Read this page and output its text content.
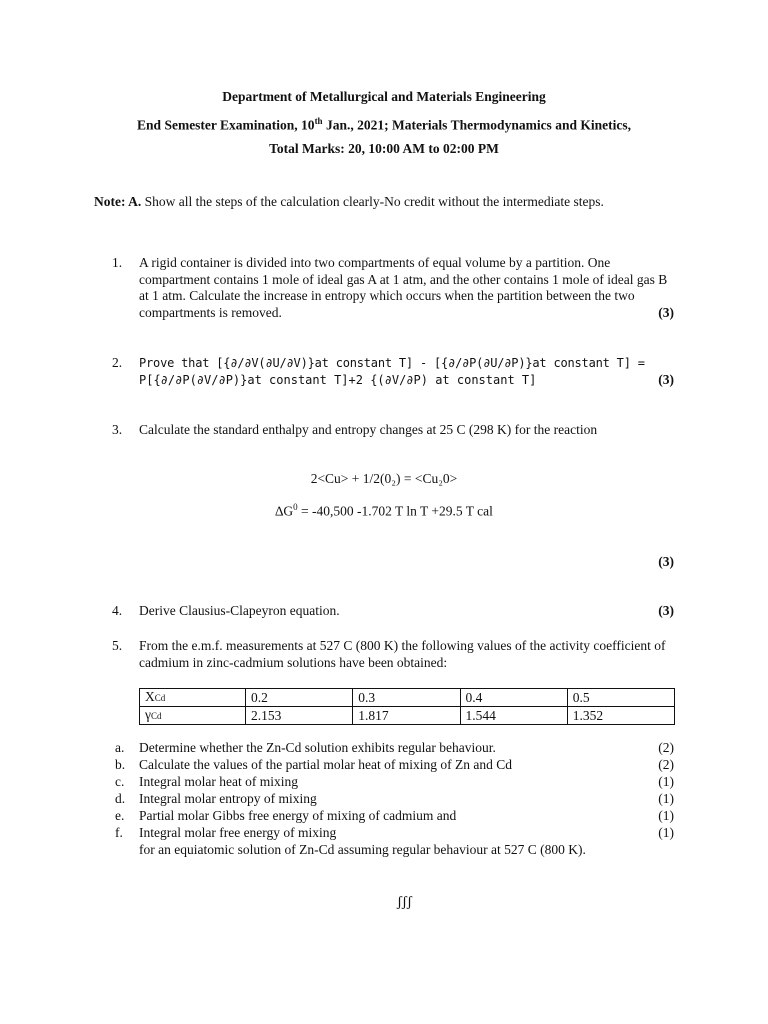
Department of Metallurgical and Materials Engineering
End Semester Examination, 10th Jan., 2021; Materials Thermodynamics and Kinetics,
Total Marks: 20, 10:00 AM to 02:00 PM
Note: A. Show all the steps of the calculation clearly-No credit without the intermediate steps.
1. A rigid container is divided into two compartments of equal volume by a partition. One compartment contains 1 mole of ideal gas A at 1 atm, and the other contains 1 mole of ideal gas B at 1 atm. Calculate the increase in entropy which occurs when the partition between the two compartments is removed.	(3)
2. Prove that [{∂/∂V(∂U/∂V)}at constant T] - [{∂/∂P(∂U/∂P)}at constant T] =
P[{∂/∂P(∂V/∂P)}at constant T]+2 {(∂V/∂P) at constant T]	(3)
3. Calculate the standard enthalpy and entropy changes at 25 C (298 K) for the reaction
2<Cu> + 1/2(0₂) = <Cu₂0>
$\Delta G^0 = -40,500$ -1.702 T ln T +29.5 T cal
(3)
4. Derive Clausius-Clapeyron equation.	(3)
5. From the e.m.f. measurements at 527 C (800 K) the following values of the activity coefficient of cadmium in zinc-cadmium solutions have been obtained:
XCd	0.2	0.3	0.4	0.5
γCd	2.153	1.817	1.544	1.352
a. Determine whether the Zn-Cd solution exhibits regular behaviour.	(2)
b. Calculate the values of the partial molar heat of mixing of Zn and Cd	(2)
c. Integral molar heat of mixing	(1)
d. Integral molar entropy of mixing	(1)
e. Partial molar Gibbs free energy of mixing of cadmium and	(1)
f. Integral molar free energy of mixing	(1)
for an equiatomic solution of Zn-Cd assuming regular behaviour at 527 C (800 K).
ʃʃʃ
